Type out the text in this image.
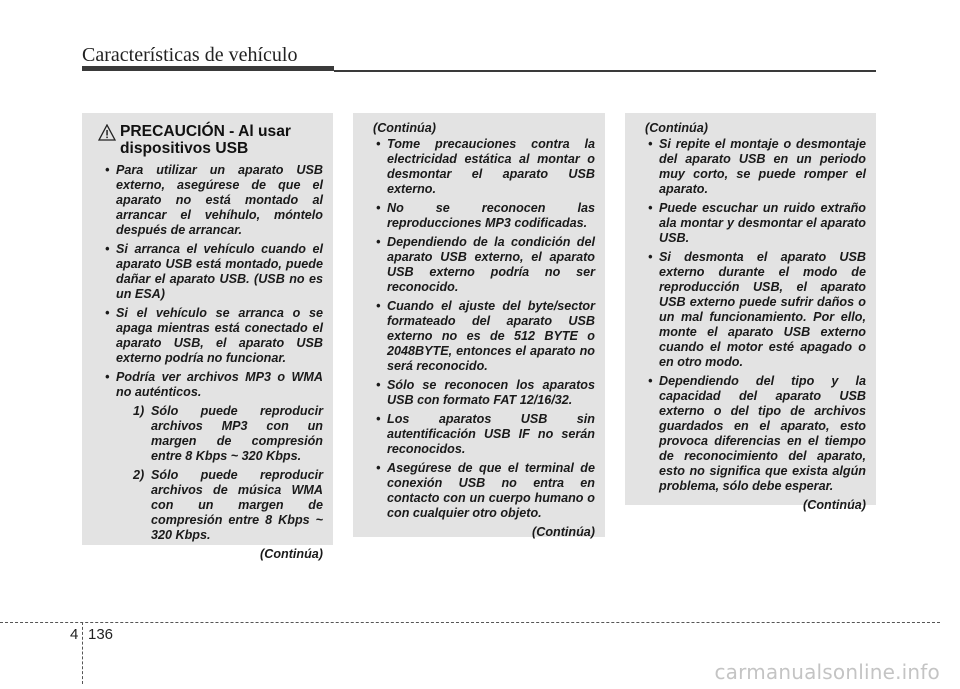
Características de vehículo
PRECAUCIÓN - Al usar dispositivos USB
• Para utilizar un aparato USB externo, asegúrese de que el aparato no está montado al arrancar el vehíhulo, móntelo después de arrancar.
• Si arranca el vehículo cuando el aparato USB está montado, puede dañar el aparato USB. (USB no es un ESA)
• Si el vehículo se arranca o se apaga mientras está conectado el aparato USB, el aparato USB externo podría no funcionar.
• Podría ver archivos MP3 o WMA no auténticos.
1) Sólo puede reproducir archivos MP3 con un margen de compresión entre 8 Kbps ~ 320 Kbps.
2) Sólo puede reproducir archivos de música WMA con un margen de compresión entre 8 Kbps ~ 320 Kbps.
(Continúa)
(Continúa)
• Tome precauciones contra la electricidad estática al montar o desmontar el aparato USB externo.
• No se reconocen las reproducciones MP3 codificadas.
• Dependiendo de la condición del aparato USB externo, el aparato USB externo podría no ser reconocido.
• Cuando el ajuste del byte/sector formateado del aparato USB externo no es de 512 BYTE o 2048BYTE, entonces el aparato no será reconocido.
• Sólo se reconocen los aparatos USB con formato FAT 12/16/32.
• Los aparatos USB sin autentificación USB IF no serán reconocidos.
• Asegúrese de que el terminal de conexión USB no entra en contacto con un cuerpo humano o con cualquier otro objeto.
(Continúa)
(Continúa)
• Si repite el montaje o desmontaje del aparato USB en un periodo muy corto, se puede romper el aparato.
• Puede escuchar un ruido extraño ala montar y desmontar el aparato USB.
• Si desmonta el aparato USB externo durante el modo de reproducción USB, el aparato USB externo puede sufrir daños o un mal funcionamiento. Por ello, monte el aparato USB externo cuando el motor esté apagado o en otro modo.
• Dependiendo del tipo y la capacidad del aparato USB externo o del tipo de archivos guardados en el aparato, esto provoca diferencias en el tiempo de reconocimiento del aparato, esto no significa que exista algún problema, sólo debe esperar.
(Continúa)
4 136
carmanualsonline.info
